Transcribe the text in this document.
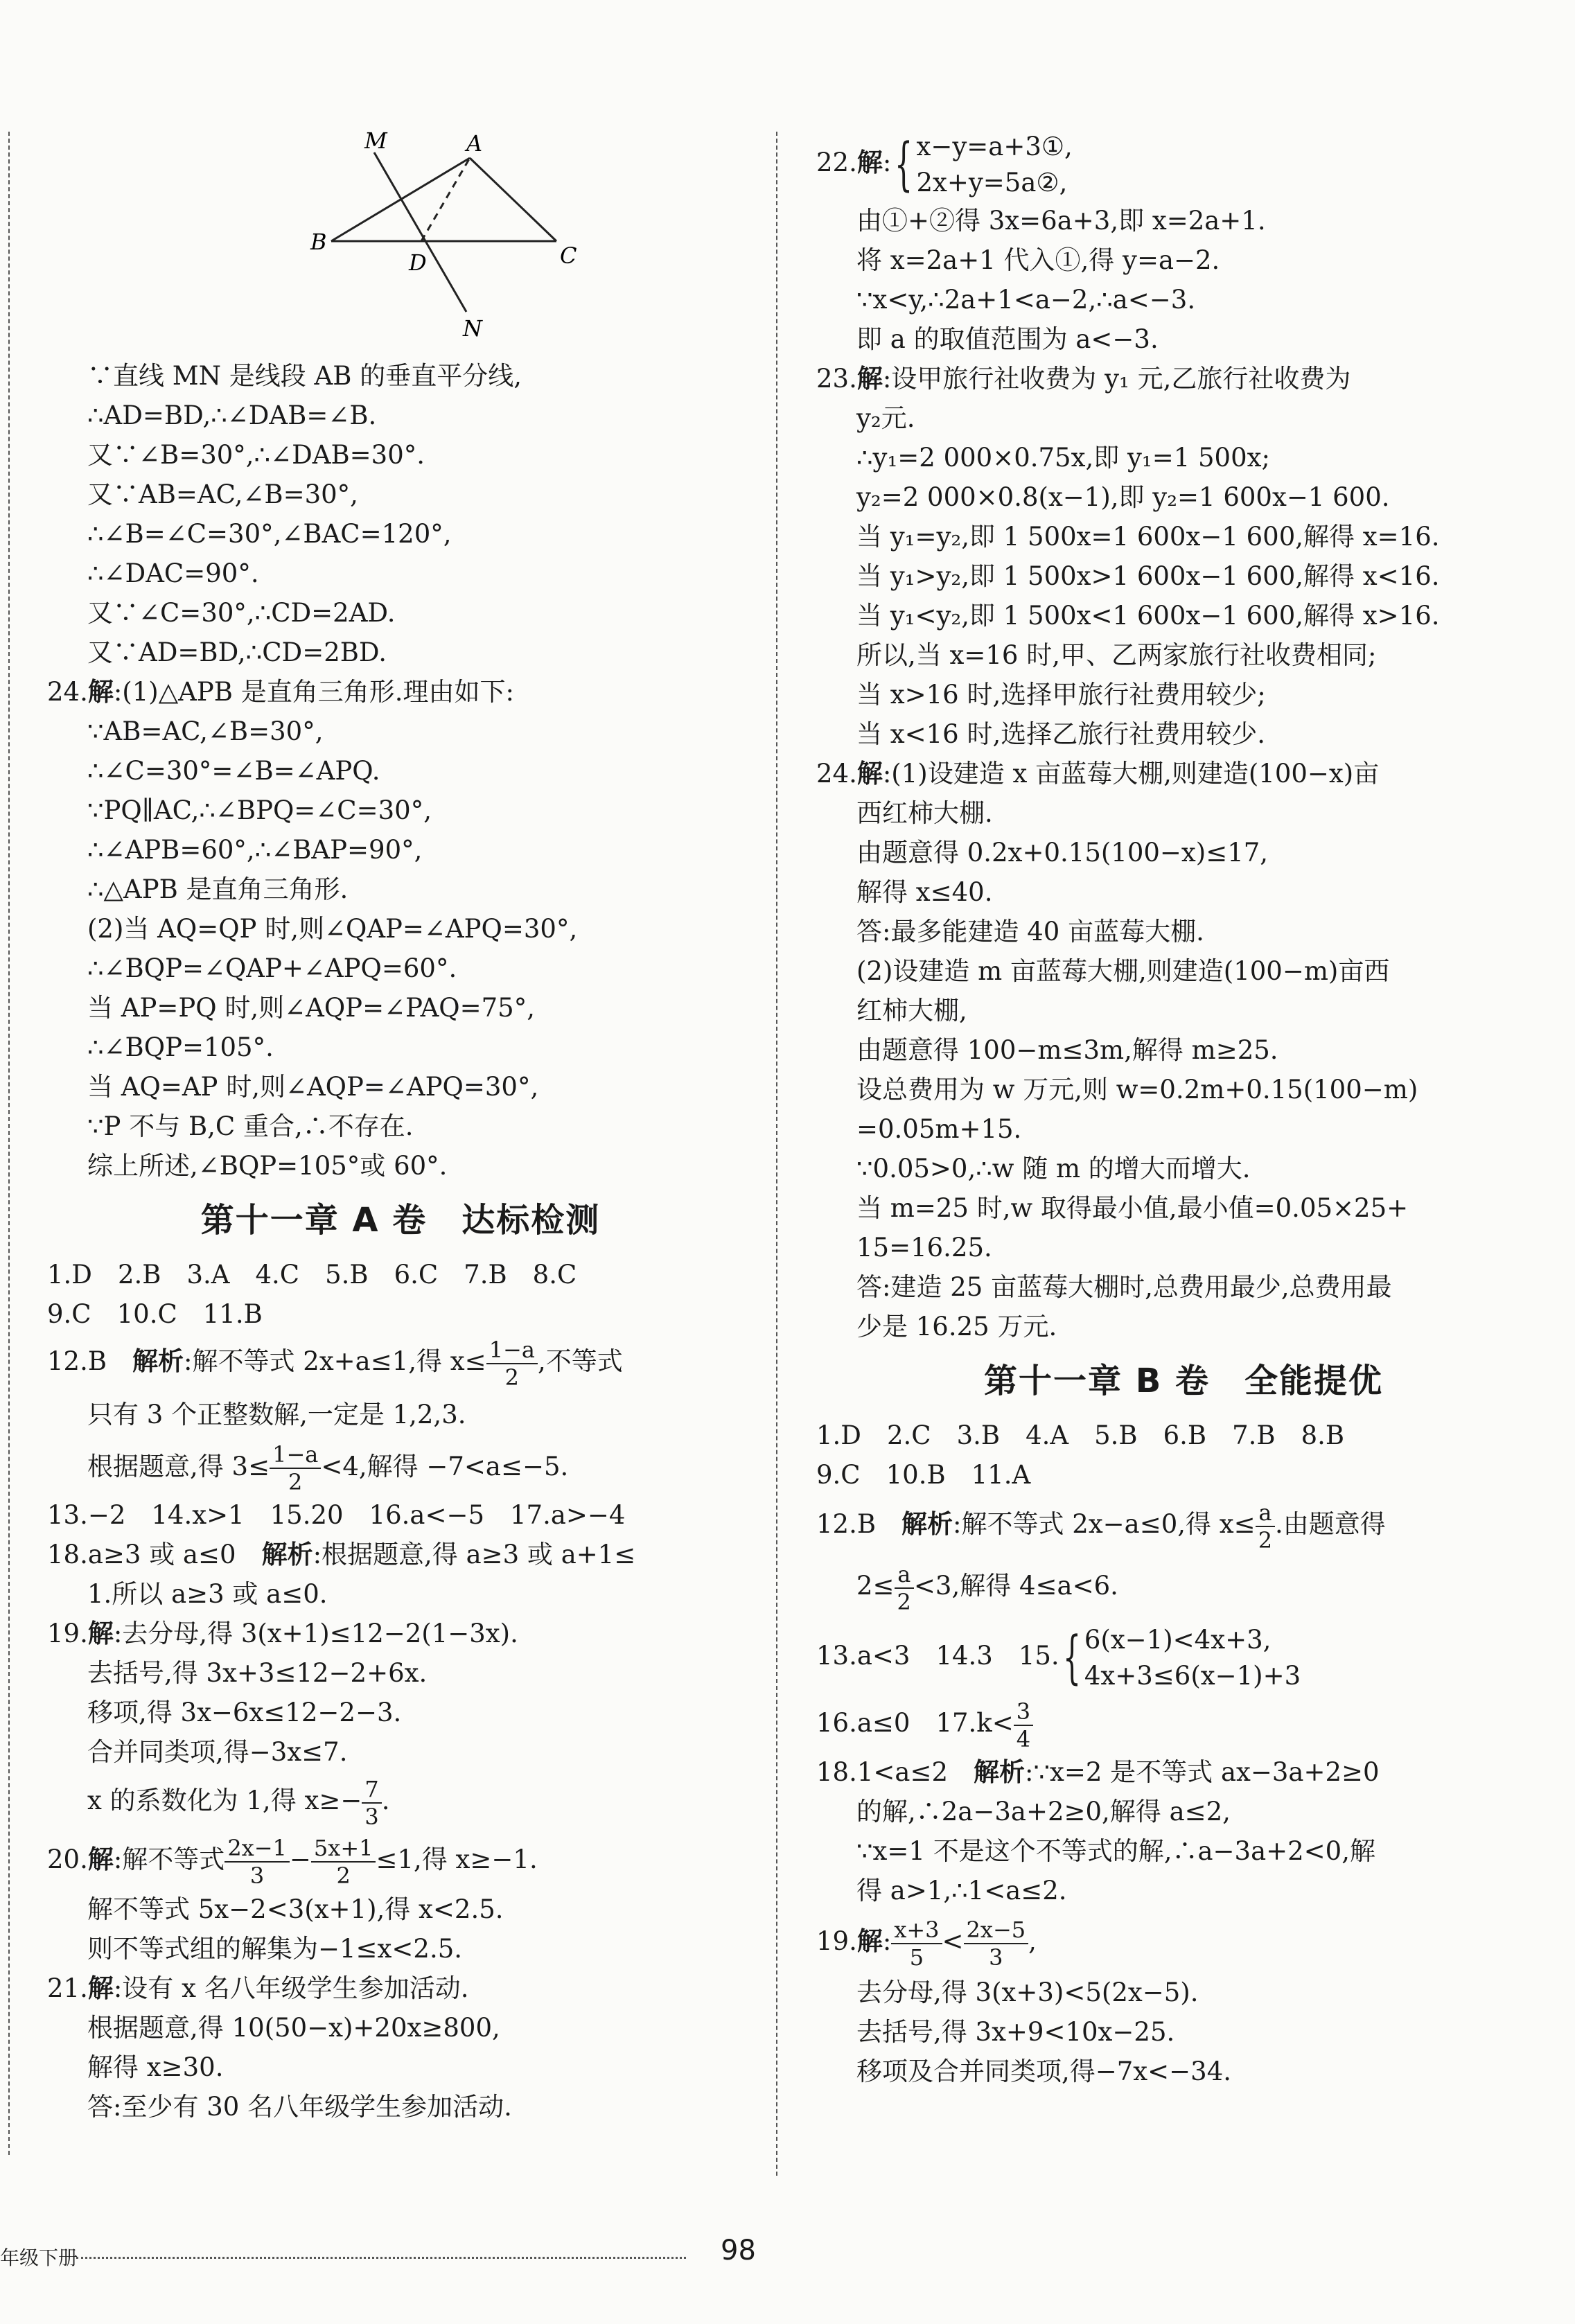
M	A
B
D	C
N
∵直线 MN 是线段 AB 的垂直平分线,
∴AD=BD,∴∠DAB=∠B.
又∵∠B=30°,∴∠DAB=30°.
又∵AB=AC,∠B=30°,
∴∠B=∠C=30°,∠BAC=120°,
∴∠DAC=90°.
又∵∠C=30°,∴CD=2AD.
又∵AD=BD,∴CD=2BD.
24.解:(1)△APB 是直角三角形.理由如下:
∵AB=AC,∠B=30°,
∴∠C=30°=∠B=∠APQ.
∵PQ∥AC,∴∠BPQ=∠C=30°,
∴∠APB=60°,∴∠BAP=90°,
∴△APB 是直角三角形.
(2)当 AQ=QP 时,则∠QAP=∠APQ=30°,
∴∠BQP=∠QAP+∠APQ=60°.
当 AP=PQ 时,则∠AQP=∠PAQ=75°,
∴∠BQP=105°.
当 AQ=AP 时,则∠AQP=∠APQ=30°,
∵P 不与 B,C 重合,∴不存在.
综上所述,∠BQP=105°或 60°.
第十一章 A 卷　达标检测
1.D　2.B　3.A　4.C　5.B　6.C　7.B　8.C
9.C　10.C　11.B
12.B　解析:解不等式 2x+a≤1,得 $x\le \frac{1-a}{2}$ ,不等式
只有 3 个正整数解,一定是 1,2,3.
根据题意,得 $3\le \frac{1-a}{2} <4$,解得 −7<a≤−5.
13.−2　14.x>1　15.20　16.a<−5　17.a>−4
18.a≥3 或 a≤0　解析:根据题意,得 a≥3 或 a+1≤
1.所以 a≥3 或 a≤0.
19.解:去分母,得 3(x+1)≤12−2(1−3x).
去括号,得 3x+3≤12−2+6x.
移项,得 3x−6x≤12−2−3.
合并同类项,得−3x≤7.
x 的系数化为 1,得 $x\ge- \frac{7}{3}$ .
20.解:解不等式 $\frac{2x-1}{3} - \frac{5x+1}{2} \le 1$,得 x≥−1.
解不等式 5x−2<3(x+1),得 x<2.5.
则不等式组的解集为−1≤x<2.5.
21.解:设有 x 名八年级学生参加活动.
根据题意,得 10(50−x)+20x≥800,
解得 x≥30.
答:至少有 30 名八年级学生参加活动.
22.解:{ x−y=a+3①,
2x+y=5a②,
由①+②得 3x=6a+3,即 x=2a+1.
将 x=2a+1 代入①,得 y=a−2.
∵x<y,∴2a+1<a−2,∴a<−3.
即 a 的取值范围为 a<−3.
23.解:设甲旅行社收费为 y₁ 元,乙旅行社收费为
y₂元.
∴y₁=2 000×0.75x,即 y₁=1 500x;
y₂=2 000×0.8(x−1),即 y₂=1 600x−1 600.
当 y₁=y₂,即 1 500x=1 600x−1 600,解得 x=16.
当 y₁>y₂,即 1 500x>1 600x−1 600,解得 x<16.
当 y₁<y₂,即 1 500x<1 600x−1 600,解得 x>16.
所以,当 x=16 时,甲、乙两家旅行社收费相同;
当 x>16 时,选择甲旅行社费用较少;
当 x<16 时,选择乙旅行社费用较少.
24.解:(1)设建造 x 亩蓝莓大棚,则建造(100−x)亩
西红柿大棚.
由题意得 0.2x+0.15(100−x)≤17,
解得 x≤40.
答:最多能建造 40 亩蓝莓大棚.
(2)设建造 m 亩蓝莓大棚,则建造(100−m)亩西
红柿大棚,
由题意得 100−m≤3m,解得 m≥25.
设总费用为 w 万元,则 w=0.2m+0.15(100−m)
=0.05m+15.
∵0.05>0,∴w 随 m 的增大而增大.
当 m=25 时,w 取得最小值,最小值=0.05×25+
15=16.25.
答:建造 25 亩蓝莓大棚时,总费用最少,总费用最
少是 16.25 万元.
第十一章 B 卷　全能提优
1.D　2.C　3.B　4.A　5.B　6.B　7.B　8.B
9.C　10.B　11.A
12.B　解析:解不等式 2x−a≤0,得 $x\le \frac{a}{2}$ .由题意得
$2\le \frac{a}{2} <3$,解得 4≤a<6.
13.a<3　14.3　15.{ 6(x−1)<4x+3,
4x+3≤6(x−1)+3
16.a≤0　$17.k< \frac{3}{4}$
18.1<a≤2　解析:∵x=2 是不等式 ax−3a+2≥0
的解,∴2a−3a+2≥0,解得 a≤2,
∵x=1 不是这个不等式的解,∴a−3a+2<0,解
得 a>1,∴1<a≤2.
19.解: $\frac{x+3}{5} < \frac{2x-5}{3}$ ,
去分母,得 3(x+3)<5(2x−5).
去括号,得 3x+9<10x−25.
移项及合并同类项,得−7x<−34.
年级下册	98
